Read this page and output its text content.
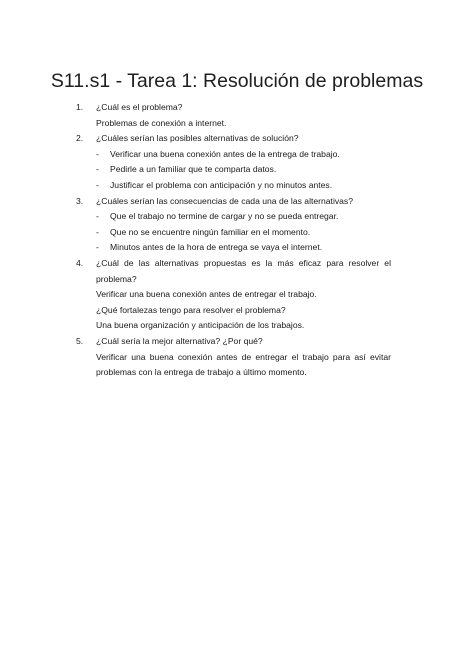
S11.s1 - Tarea 1: Resolución de problemas
1.	¿Cuál es el problema?
Problemas de conexión a internet.
2.	¿Cuáles serían las posibles alternativas de solución?
- Verificar una buena conexión antes de la entrega de trabajo.
- Pedirle a un familiar que te comparta datos.
- Justificar el problema con anticipación y no minutos antes.
3.	¿Cuáles serían las consecuencias de cada una de las alternativas?
- Que el trabajo no termine de cargar y no se pueda entregar.
- Que no se encuentre ningún familiar en el momento.
- Minutos antes de la hora de entrega se vaya el internet.
4.	¿Cuál de las alternativas propuestas es la más eficaz para resolver el problema?
Verificar una buena conexión antes de entregar el trabajo.
¿Qué fortalezas tengo para resolver el problema?
Una buena organización y anticipación de los trabajos.
5.	¿Cuál sería la mejor alternativa? ¿Por qué?
Verificar una buena conexión antes de entregar el trabajo para así evitar problemas con la entrega de trabajo a último momento.
